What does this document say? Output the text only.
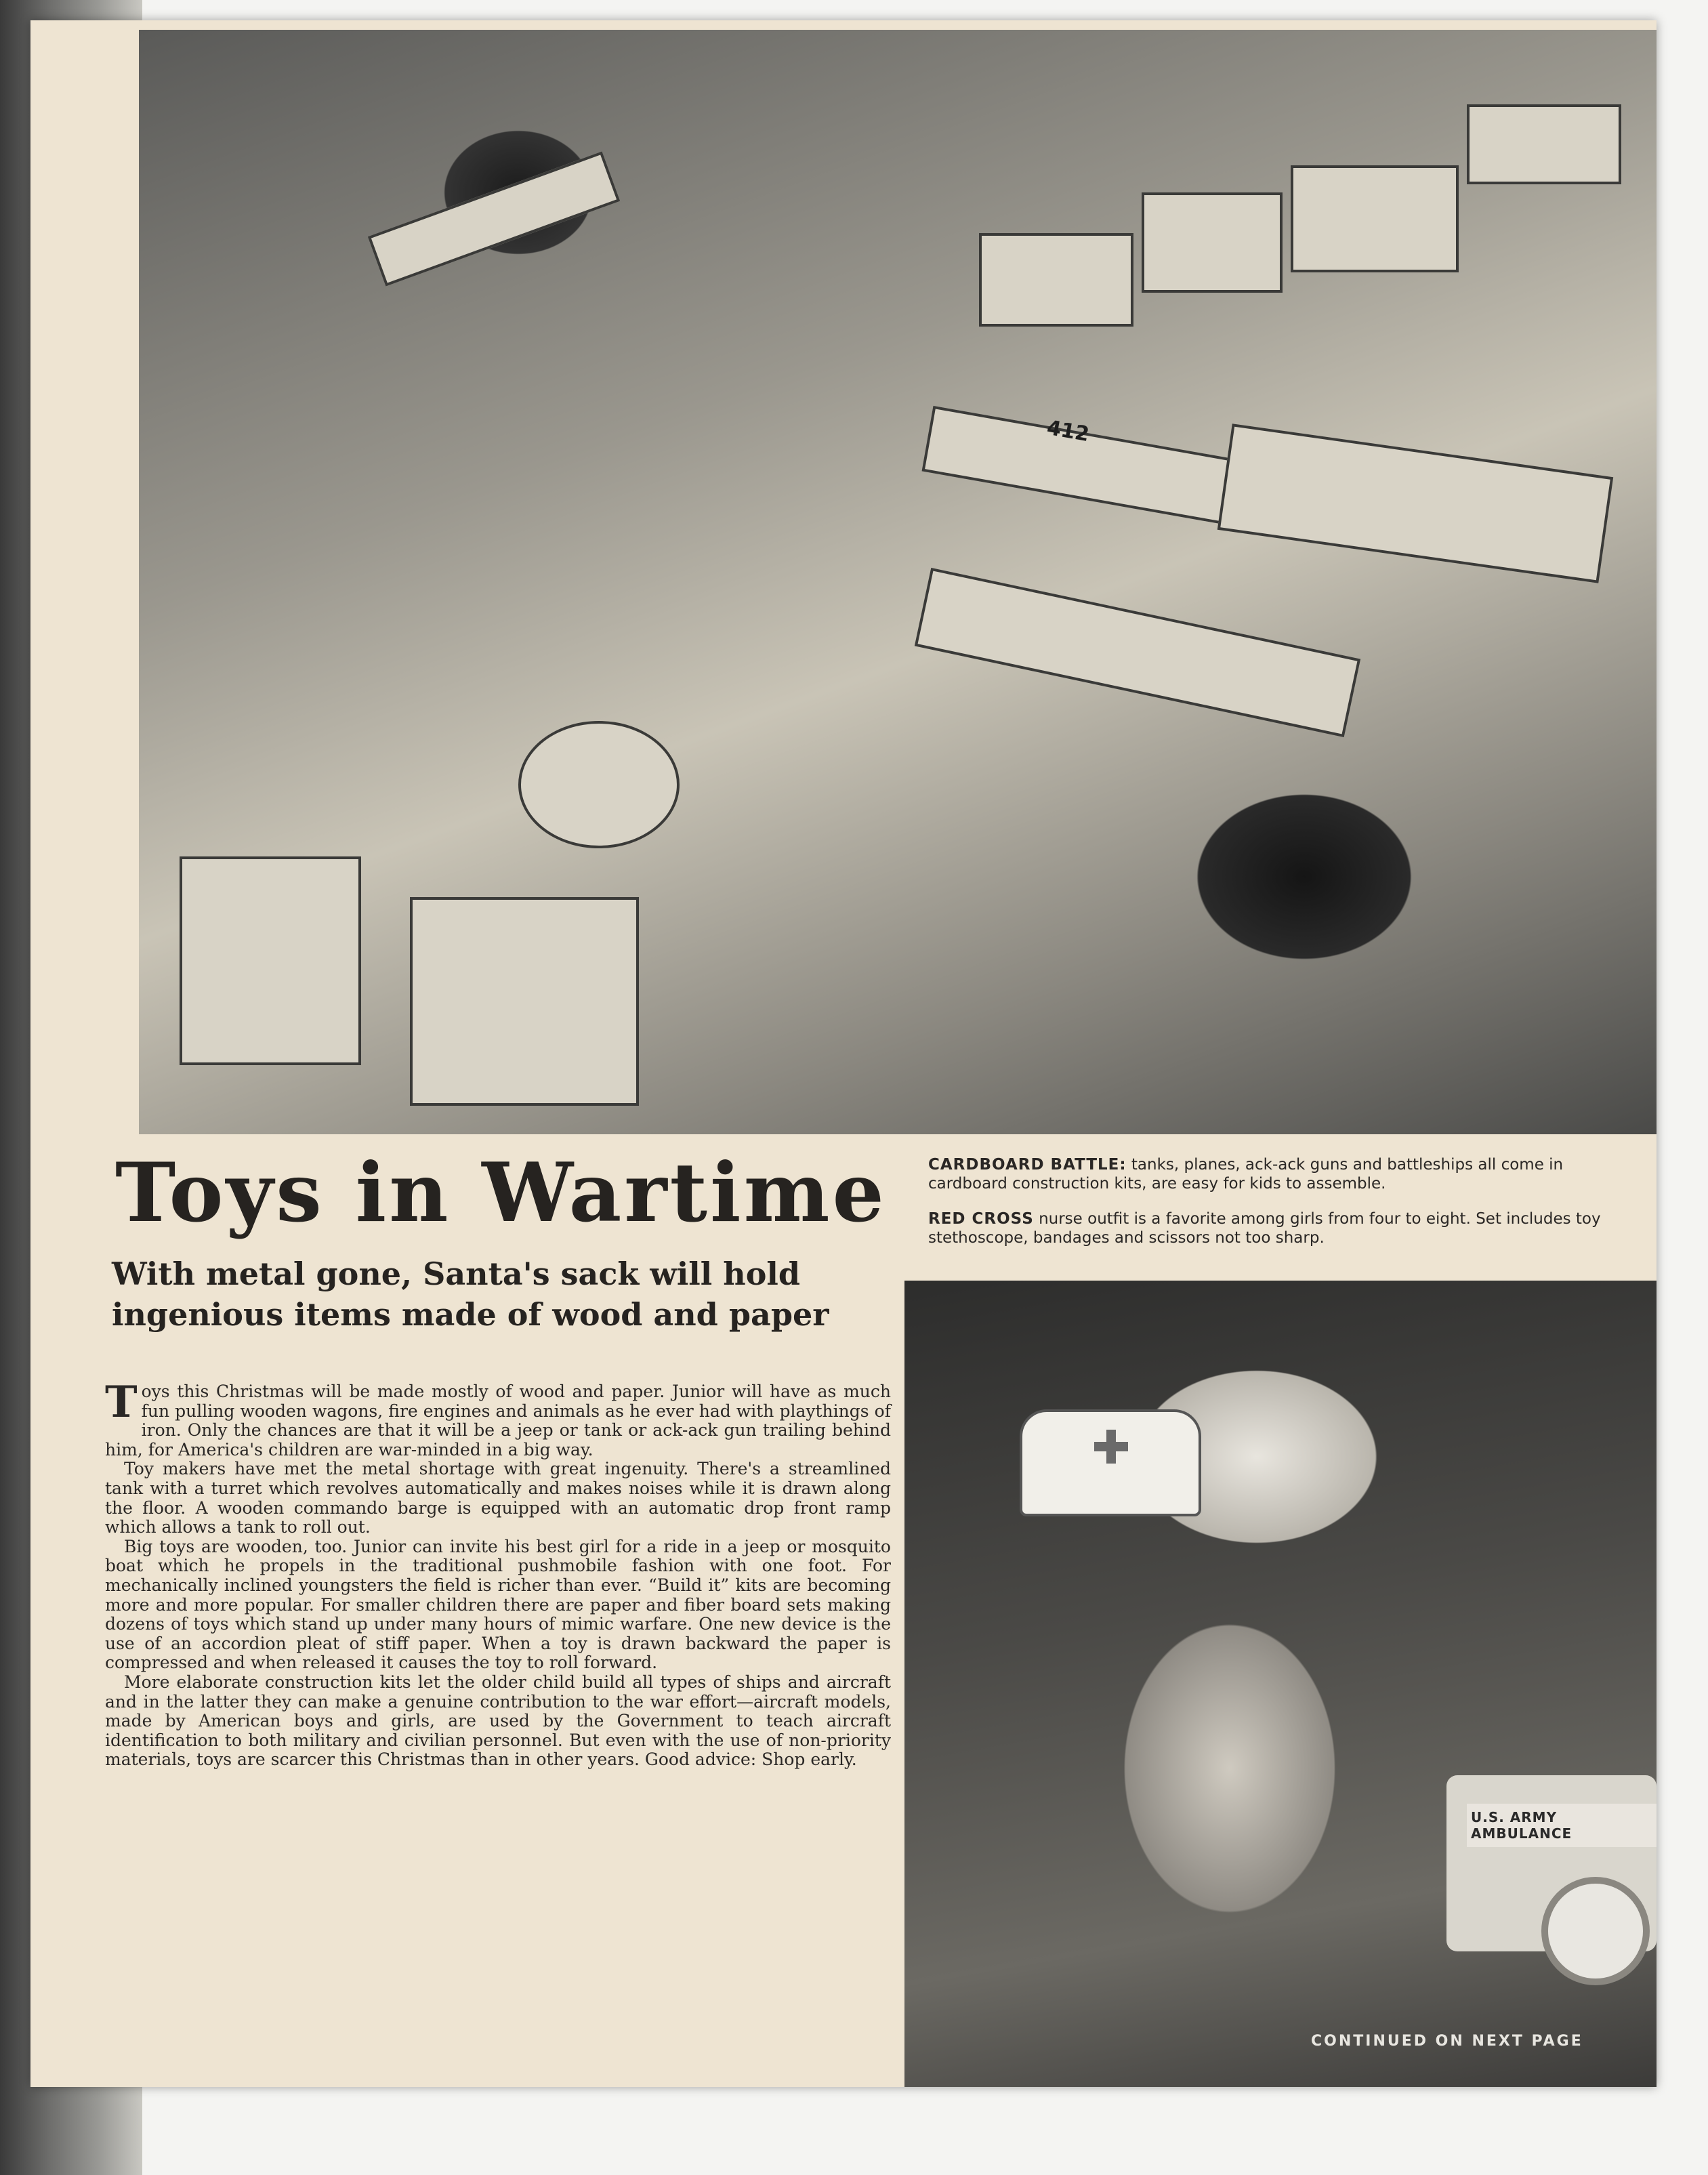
412
Toys in Wartime
With metal gone, Santa's sack will hold ingenious items made of wood and paper

Toys this Christmas will be made mostly of wood and paper. Junior will have as much fun pulling wooden wagons, fire engines and animals as he ever had with playthings of iron. Only the chances are that it will be a jeep or tank or ack-ack gun trailing behind him, for America's children are war-minded in a big way.

Toy makers have met the metal shortage with great ingenuity. There's a streamlined tank with a turret which revolves automatically and makes noises while it is drawn along the floor. A wooden commando barge is equipped with an automatic drop front ramp which allows a tank to roll out.

Big toys are wooden, too. Junior can invite his best girl for a ride in a jeep or mosquito boat which he propels in the traditional pushmobile fashion with one foot. For mechanically inclined youngsters the field is richer than ever. “Build it” kits are becoming more and more popular. For smaller children there are paper and fiber board sets making dozens of toys which stand up under many hours of mimic warfare. One new device is the use of an accordion pleat of stiff paper. When a toy is drawn backward the paper is compressed and when released it causes the toy to roll forward.

More elaborate construction kits let the older child build all types of ships and aircraft and in the latter they can make a genuine contribution to the war effort—aircraft models, made by American boys and girls, are used by the Government to teach aircraft identification to both military and civilian personnel. But even with the use of non-priority materials, toys are scarcer this Christmas than in other years. Good advice: Shop early.

CARDBOARD BATTLE: tanks, planes, ack-ack guns and battleships all come in cardboard construction kits, are easy for kids to assemble.

RED CROSS nurse outfit is a favorite among girls from four to eight. Set includes toy stethoscope, bandages and scissors not too sharp.

U.S. ARMY AMBULANCE
CONTINUED ON NEXT PAGE
